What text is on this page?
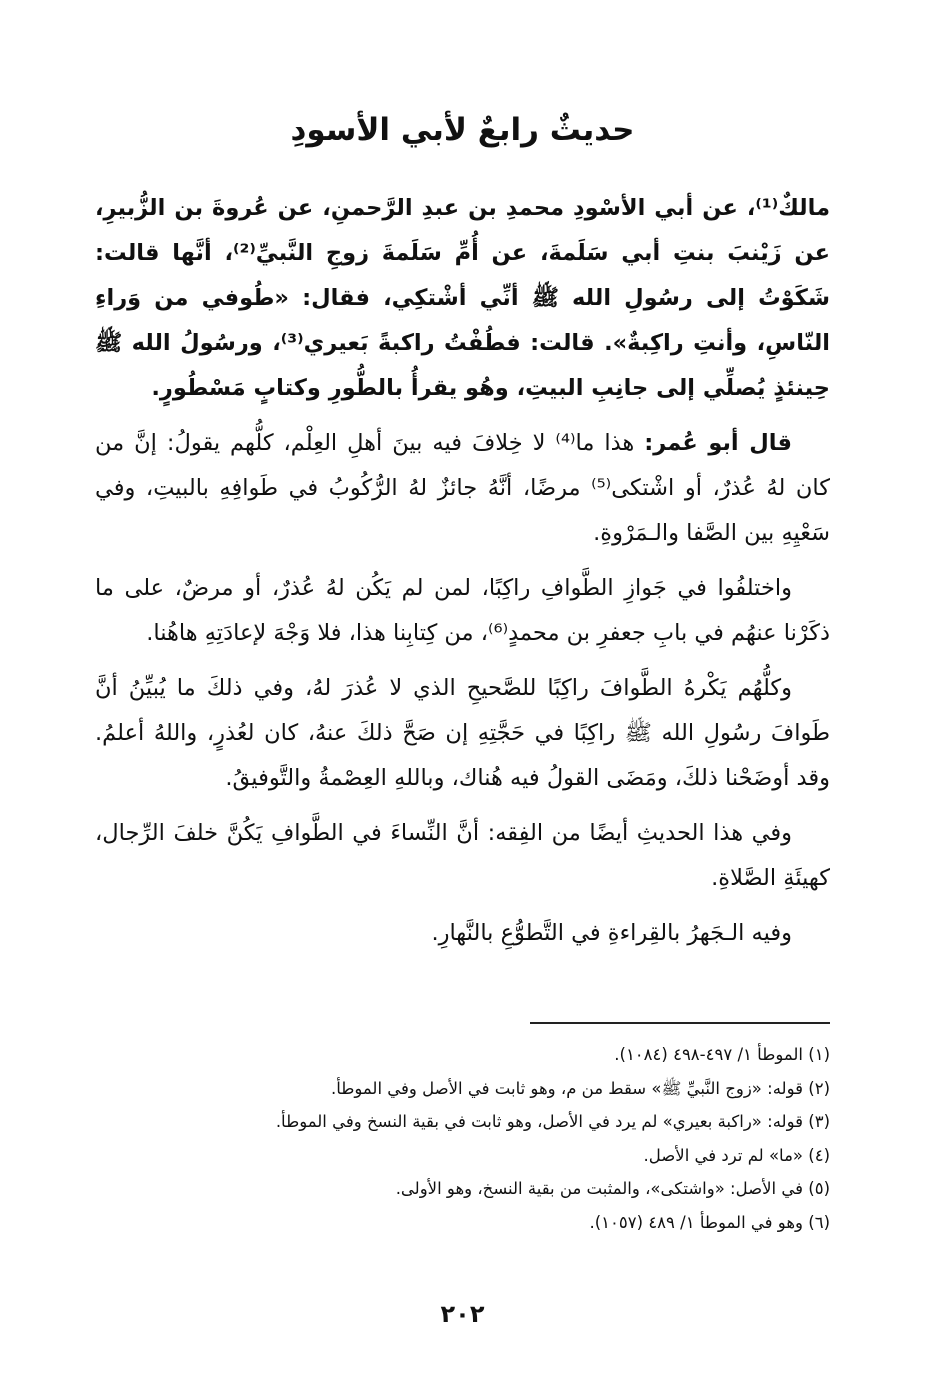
حديثٌ رابعٌ لأبي الأسودِ

مالكٌ⁽¹⁾، عن أبي الأسْودِ محمدِ بن عبدِ الرَّحمنِ، عن عُروةَ بن الزُّبيرِ، عن زَيْنبَ بنتِ أبي سَلَمةَ، عن أُمِّ سَلَمةَ زوجِ النَّبيِّ⁽²⁾، أنَّها قالت: شَكَوْتُ إلى رسُولِ الله ﷺ أنِّي أشْتكِي، فقال: «طُوفي من وَراءِ النّاسِ، وأنتِ راكِبةٌ». قالت: فطُفْتُ راكبةً بَعيري⁽³⁾، ورسُولُ الله ﷺ حِينئذٍ يُصلِّي إلى جانِبِ البيتِ، وهُو يقرأُ بالطُّورِ وكتابٍ مَسْطُورٍ.

قال أبو عُمر: هذا ما⁽⁴⁾ لا خِلافَ فيه بينَ أهلِ العِلْم، كلُّهم يقولُ: إنَّ من كان لهُ عُذرٌ، أو اشْتكى⁽⁵⁾ مرضًا، أنَّهُ جائزٌ لهُ الرُّكُوبُ في طَوافِهِ بالبيتِ، وفي سَعْيِهِ بين الصَّفا والـمَرْوةِ.

واختلفُوا في جَوازِ الطَّوافِ راكِبًا، لمن لم يَكُن لهُ عُذرٌ، أو مرضٌ، على ما ذكَرْنا عنهُم في بابِ جعفرِ بن محمدٍ⁽⁶⁾، من كِتابِنا هذا، فلا وَجْهَ لإعادَتِهِ هاهُنا.

وكلُّهُم يَكْرهُ الطَّوافَ راكِبًا للصَّحيحِ الذي لا عُذرَ لهُ، وفي ذلكَ ما يُبيِّنُ أنَّ طَوافَ رسُولِ الله ﷺ راكِبًا في حَجَّتِهِ إن صَحَّ ذلكَ عنهُ، كان لعُذرٍ، واللهُ أعلمُ. وقد أوضَحْنا ذلكَ، ومَضَى القولُ فيه هُناك، وباللهِ العِصْمةُ والتَّوفيقُ.

وفي هذا الحديثِ أيضًا من الفِقه: أنَّ النِّساءَ في الطَّوافِ يَكُنَّ خلفَ الرِّجال، كهيئَةِ الصَّلاةِ.

وفيه الـجَهرُ بالقِراءةِ في التَّطوُّعِ بالنَّهارِ.

(١) الموطأ ١/ ٤٩٧-٤٩٨ (١٠٨٤).
(٢) قوله: «زوج النَّبيِّ ﷺ» سقط من م، وهو ثابت في الأصل وفي الموطأ.
(٣) قوله: «راكبة بعيري» لم يرد في الأصل، وهو ثابت في بقية النسخ وفي الموطأ.
(٤) «ما» لم ترد في الأصل.
(٥) في الأصل: «واشتكى»، والمثبت من بقية النسخ، وهو الأولى.
(٦) وهو في الموطأ ١/ ٤٨٩ (١٠٥٧).
٢٠٢
